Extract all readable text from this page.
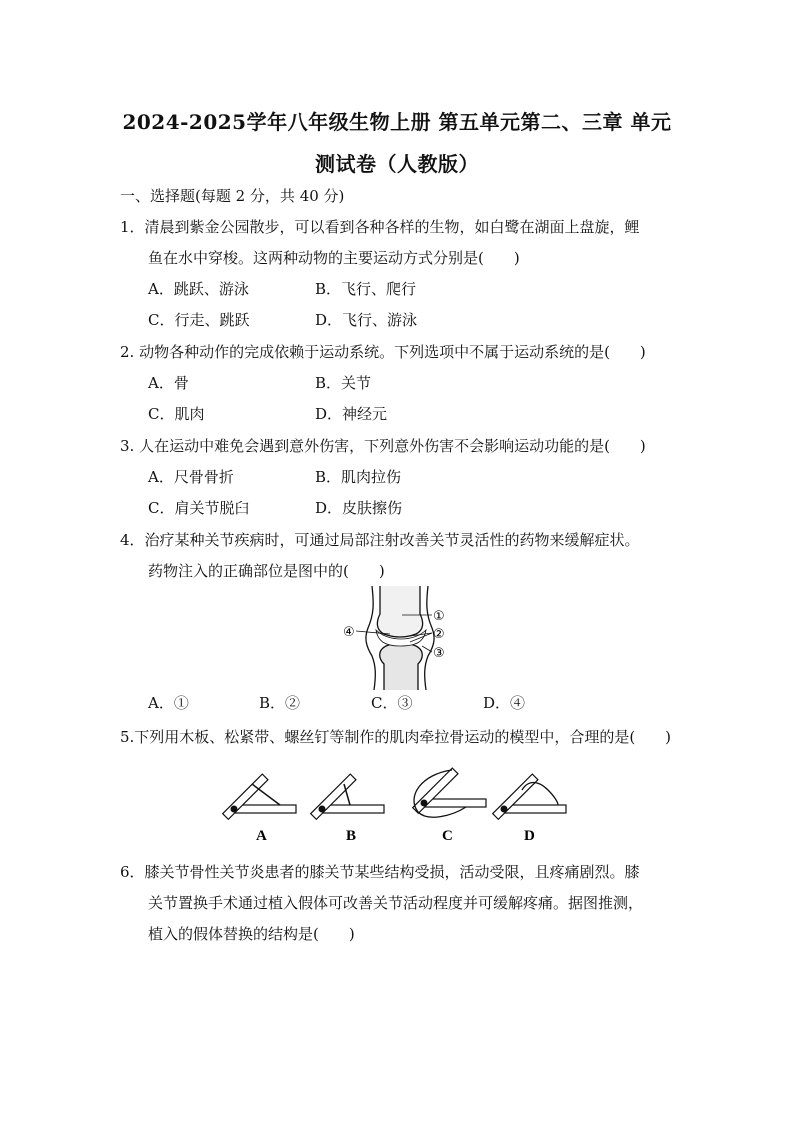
2024-2025学年八年级生物上册 第五单元第二、三章 单元
测试卷（人教版）
一、选择题(每题 2 分，共 40 分)
1．清晨到紫金公园散步，可以看到各种各样的生物，如白鹭在湖面上盘旋，鲤
鱼在水中穿梭。这两种动物的主要运动方式分别是(　　)
A．跳跃、游泳	B．飞行、爬行
C．行走、跳跃	D．飞行、游泳
2. 动物各种动作的完成依赖于运动系统。下列选项中不属于运动系统的是(　　)
A．骨	B．关节
C．肌肉	D．神经元
3. 人在运动中难免会遇到意外伤害，下列意外伤害不会影响运动功能的是(　　)
A．尺骨骨折	B．肌肉拉伤
C．肩关节脱臼	D．皮肤擦伤
4．治疗某种关节疾病时，可通过局部注射改善关节灵活性的药物来缓解症状。
药物注入的正确部位是图中的(　　)
①
②
③
④
A．①	B．②	C．③	D．④
5.下列用木板、松紧带、螺丝钉等制作的肌肉牵拉骨运动的模型中，合理的是(　　)
A	B	C	D
6．膝关节骨性关节炎患者的膝关节某些结构受损，活动受限，且疼痛剧烈。膝
关节置换手术通过植入假体可改善关节活动程度并可缓解疼痛。据图推测，
植入的假体替换的结构是(　　)
